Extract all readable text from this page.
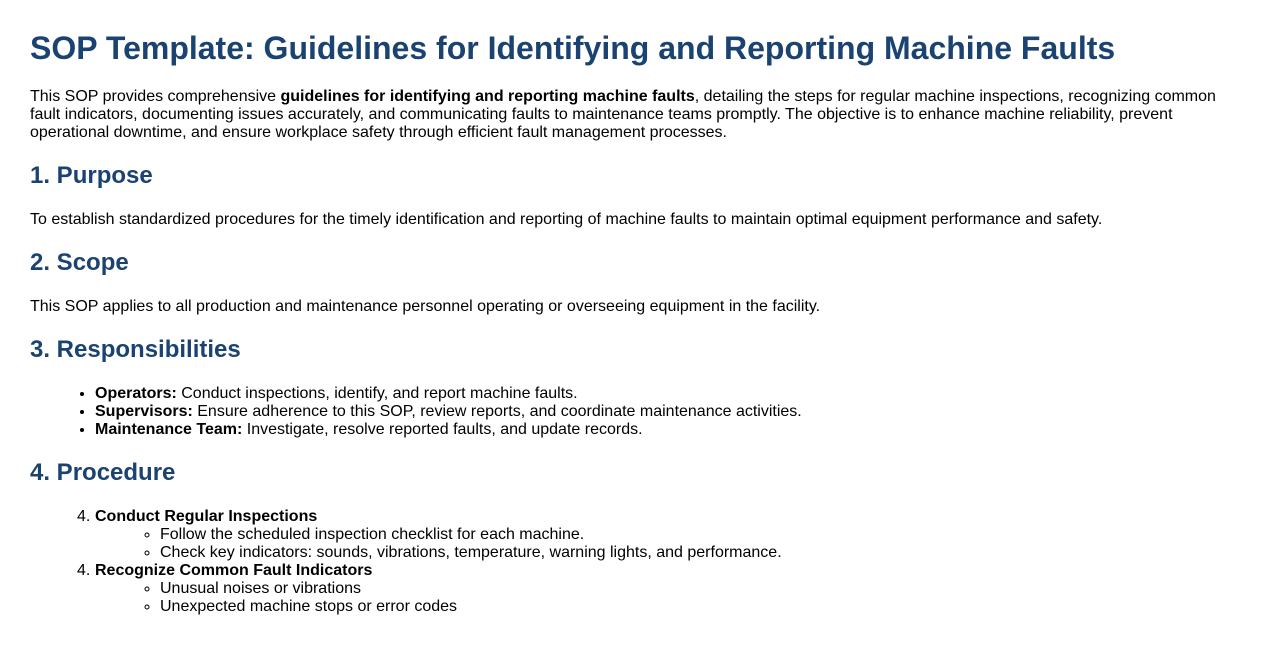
SOP Template: Guidelines for Identifying and Reporting Machine Faults

This SOP provides comprehensive guidelines for identifying and reporting machine faults, detailing the steps for regular machine inspections, recognizing common fault indicators, documenting issues accurately, and communicating faults to maintenance teams promptly. The objective is to enhance machine reliability, prevent operational downtime, and ensure workplace safety through efficient fault management processes.

1. Purpose

To establish standardized procedures for the timely identification and reporting of machine faults to maintain optimal equipment performance and safety.

2. Scope

This SOP applies to all production and maintenance personnel operating or overseeing equipment in the facility.

3. Responsibilities
• Operators: Conduct inspections, identify, and report machine faults.
• Supervisors: Ensure adherence to this SOP, review reports, and coordinate maintenance activities.
• Maintenance Team: Investigate, resolve reported faults, and update records.
4. Procedure
4. Conduct Regular Inspections
◦ Follow the scheduled inspection checklist for each machine.
◦ Check key indicators: sounds, vibrations, temperature, warning lights, and performance.
4. Recognize Common Fault Indicators
◦ Unusual noises or vibrations
◦ Unexpected machine stops or error codes
